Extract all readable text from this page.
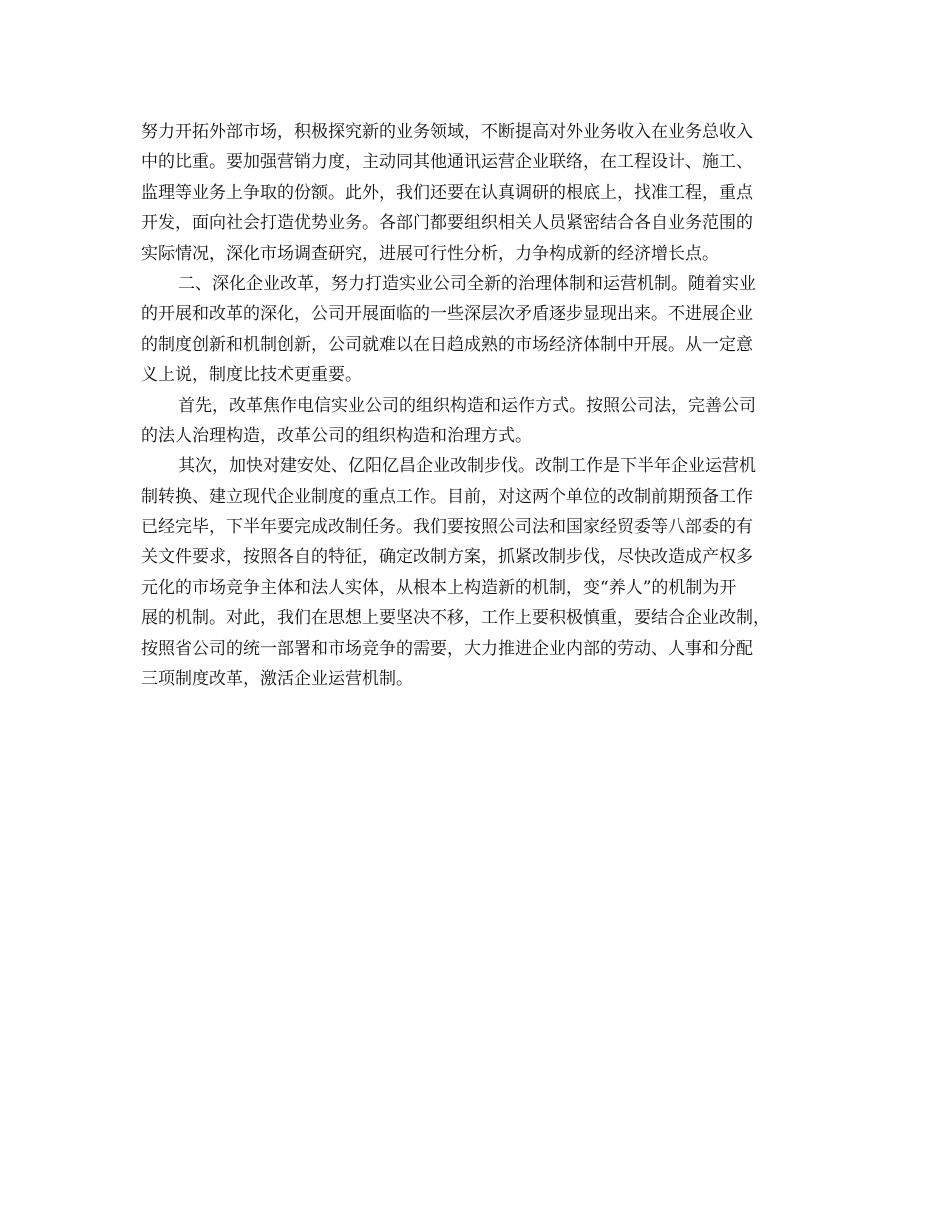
努力开拓外部市场，积极探究新的业务领域，不断提高对外业务收入在业务总收入
中的比重。要加强营销力度，主动同其他通讯运营企业联络，在工程设计、施工、
监理等业务上争取的份额。此外，我们还要在认真调研的根底上，找准工程，重点
开发，面向社会打造优势业务。各部门都要组织相关人员紧密结合各自业务范围的
实际情况，深化市场调查研究，进展可行性分析，力争构成新的经济增长点。
二、深化企业改革，努力打造实业公司全新的治理体制和运营机制。随着实业
的开展和改革的深化，公司开展面临的一些深层次矛盾逐步显现出来。不进展企业
的制度创新和机制创新，公司就难以在日趋成熟的市场经济体制中开展。从一定意
义上说，制度比技术更重要。
首先，改革焦作电信实业公司的组织构造和运作方式。按照公司法，完善公司
的法人治理构造，改革公司的组织构造和治理方式。
其次，加快对建安处、亿阳亿昌企业改制步伐。改制工作是下半年企业运营机
制转换、建立现代企业制度的重点工作。目前，对这两个单位的改制前期预备工作
已经完毕，下半年要完成改制任务。我们要按照公司法和国家经贸委等八部委的有
关文件要求，按照各自的特征，确定改制方案，抓紧改制步伐，尽快改造成产权多
元化的市场竞争主体和法人实体，从根本上构造新的机制，变“养人”的机制为开
展的机制。对此，我们在思想上要坚决不移，工作上要积极慎重，要结合企业改制，
按照省公司的统一部署和市场竞争的需要，大力推进企业内部的劳动、人事和分配
三项制度改革，激活企业运营机制。
